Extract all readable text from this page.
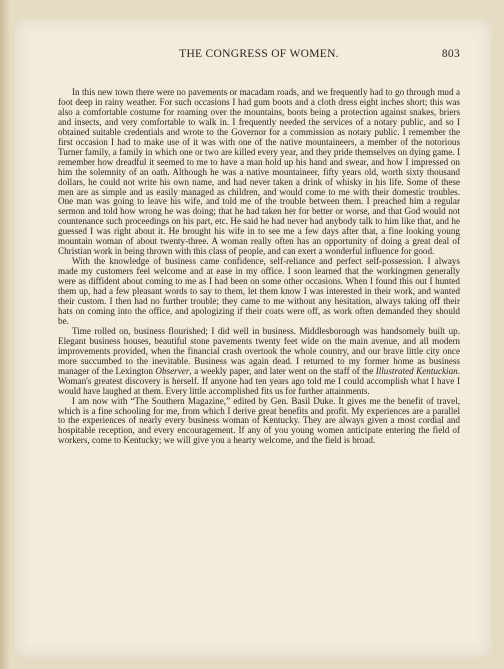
THE CONGRESS OF WOMEN.	803

In this new town there were no pavements or macadam roads, and we frequently had to go through mud a foot deep in rainy weather. For such occasions I had gum boots and a cloth dress eight inches short; this was also a comfortable costume for roaming over the mountains, boots being a protection against snakes, briers and insects, and very comfortable to walk in. I frequently needed the services of a notary public, and so I obtained suitable credentials and wrote to the Governor for a commission as notary public. I remember the first occasion I had to make use of it was with one of the native mountaineers, a member of the notorious Turner family, a family in which one or two are killed every year, and they pride themselves on dying game. I remember how dreadful it seemed to me to have a man hold up his hand and swear, and how I impressed on him the solemnity of an oath. Although he was a native mountaineer, fifty years old, worth sixty thousand dollars, he could not write his own name, and had never taken a drink of whisky in his life. Some of these men are as simple and as easily managed as children, and would come to me with their domestic troubles. One man was going to leave his wife, and told me of the trouble between them. I preached him a regular sermon and told how wrong he was doing; that he had taken her for better or worse, and that God would not countenance such proceedings on his part, etc. He said he had never had anybody talk to him like that, and he guessed I was right about it. He brought his wife in to see me a few days after that, a fine looking young mountain woman of about twenty-three. A woman really often has an opportunity of doing a great deal of Christian work in being thrown with this class of people, and can exert a wonderful influence for good.

With the knowledge of business came confidence, self-reliance and perfect self-possession. I always made my customers feel welcome and at ease in my office. I soon learned that the workingmen generally were as diffident about coming to me as I had been on some other occasions. When I found this out I hunted them up, had a few pleasant words to say to them, let them know I was interested in their work, and wanted their custom. I then had no further trouble; they came to me without any hesitation, always taking off their hats on coming into the office, and apologizing if their coats were off, as work often demanded they should be.

Time rolled on, business flourished; I did well in business. Middlesborough was handsomely built up. Elegant business houses, beautiful stone pavements twenty feet wide on the main avenue, and all modern improvements provided, when the financial crash overtook the whole country, and our brave little city once more succumbed to the inevitable. Business was again dead. I returned to my former home as business manager of the Lexington Observer, a weekly paper, and later went on the staff of the Illustrated Kentuckian. Woman's greatest discovery is herself. If anyone had ten years ago told me I could accomplish what I have I would have laughed at them. Every little accomplished fits us for further attainments.

I am now with “The Southern Magazine,” edited by Gen. Basil Duke. It gives me the benefit of travel, which is a fine schooling for me, from which I derive great benefits and profit. My experiences are a parallel to the experiences of nearly every business woman of Kentucky. They are always given a most cordial and hospitable reception, and every encouragement. If any of you young women anticipate entering the field of workers, come to Kentucky; we will give you a hearty welcome, and the field is broad.
